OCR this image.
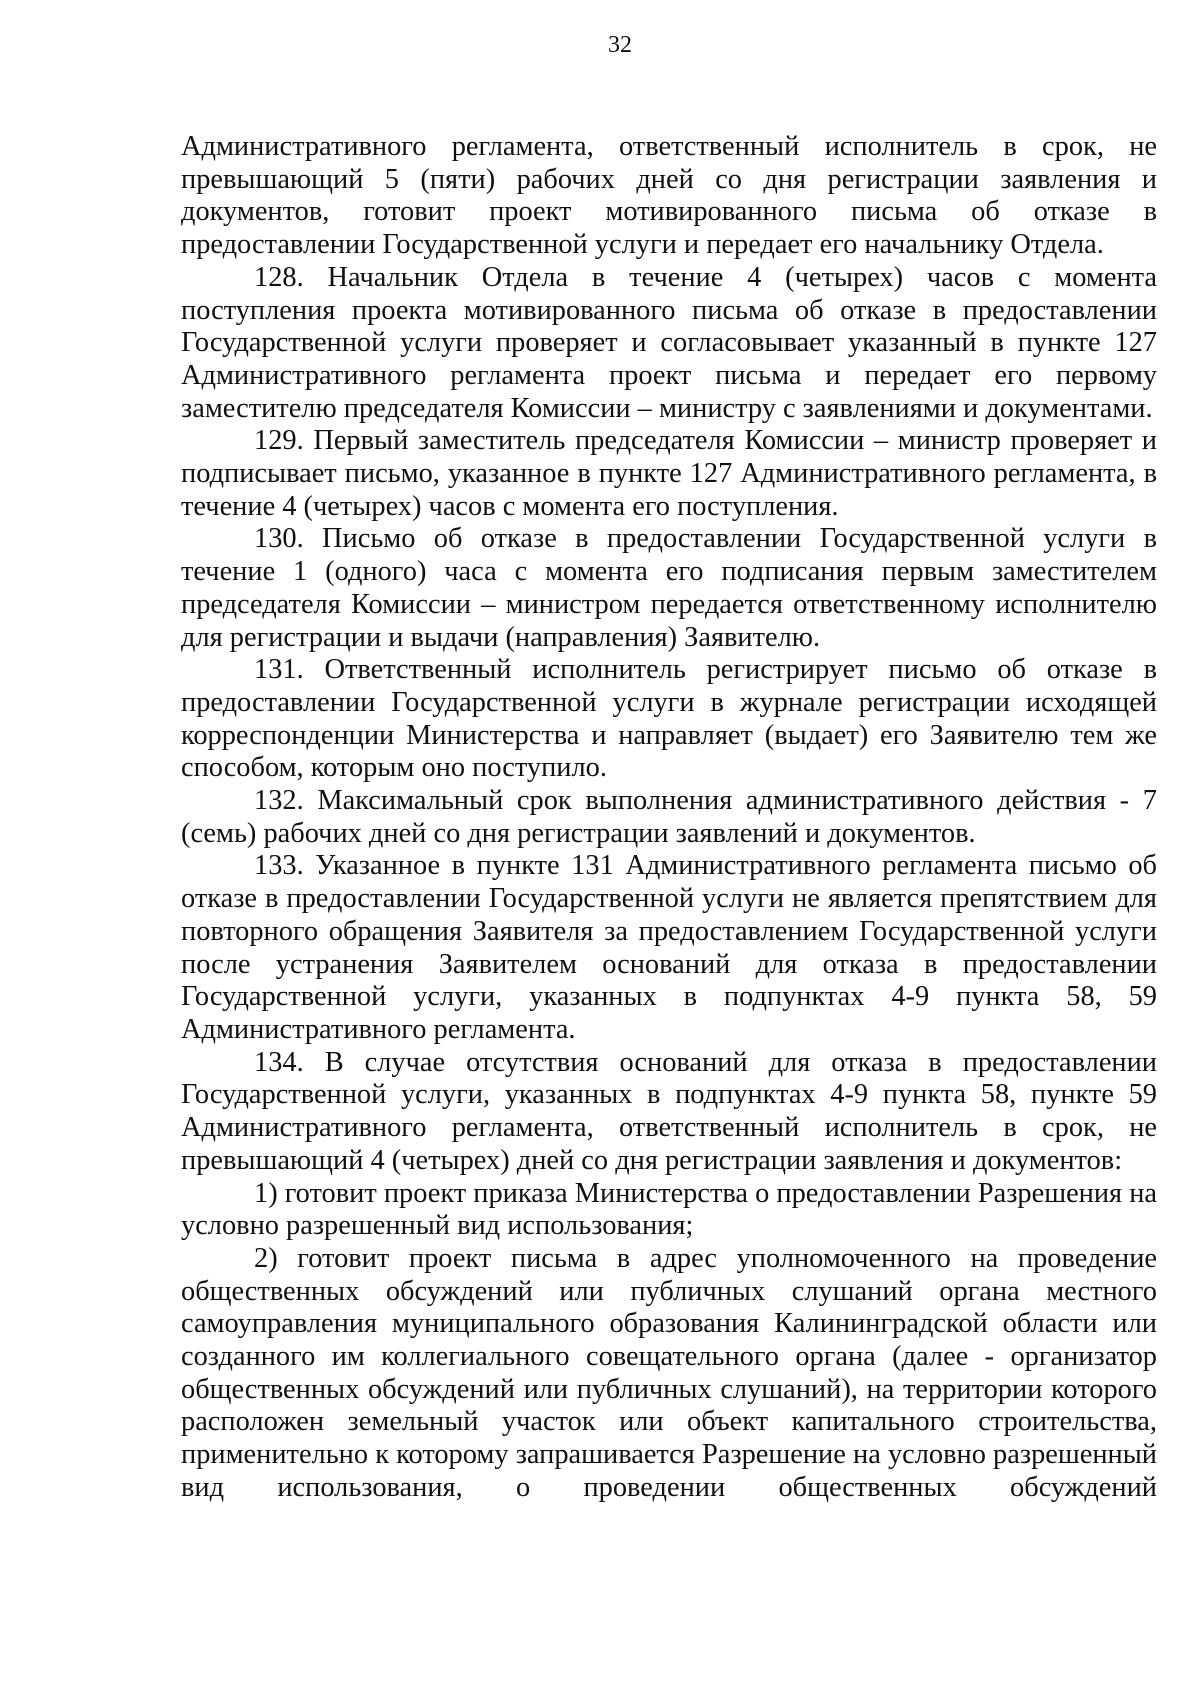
32

Административного регламента, ответственный исполнитель в срок, не превышающий 5 (пяти) рабочих дней со дня регистрации заявления и документов, готовит проект мотивированного письма об отказе в предоставлении Государственной услуги и передает его начальнику Отдела.

128. Начальник Отдела в течение 4 (четырех) часов с момента поступления проекта мотивированного письма об отказе в предоставлении Государственной услуги проверяет и согласовывает указанный в пункте 127 Административного регламента проект письма и передает его первому заместителю председателя Комиссии – министру с заявлениями и документами.

129. Первый заместитель председателя Комиссии – министр проверяет и подписывает письмо, указанное в пункте 127 Административного регламента, в течение 4 (четырех) часов с момента его поступления.

130. Письмо об отказе в предоставлении Государственной услуги в течение 1 (одного) часа с момента его подписания первым заместителем председателя Комиссии – министром передается ответственному исполнителю для регистрации и выдачи (направления) Заявителю.

131. Ответственный исполнитель регистрирует письмо об отказе в предоставлении Государственной услуги в журнале регистрации исходящей корреспонденции Министерства и направляет (выдает) его Заявителю тем же способом, которым оно поступило.

132. Максимальный срок выполнения административного действия - 7 (семь) рабочих дней со дня регистрации заявлений и документов.

133. Указанное в пункте 131 Административного регламента письмо об отказе в предоставлении Государственной услуги не является препятствием для повторного обращения Заявителя за предоставлением Государственной услуги после устранения Заявителем оснований для отказа в предоставлении Государственной услуги, указанных в подпунктах 4-9 пункта 58, 59 Административного регламента.

134. В случае отсутствия оснований для отказа в предоставлении Государственной услуги, указанных в подпунктах 4-9 пункта 58, пункте 59 Административного регламента, ответственный исполнитель в срок, не превышающий 4 (четырех) дней со дня регистрации заявления и документов:

1) готовит проект приказа Министерства о предоставлении Разрешения на условно разрешенный вид использования;

2) готовит проект письма в адрес уполномоченного на проведение общественных обсуждений или публичных слушаний органа местного самоуправления муниципального образования Калининградской области или созданного им коллегиального совещательного органа (далее - организатор общественных обсуждений или публичных слушаний), на территории которого расположен земельный участок или объект капитального строительства, применительно к которому запрашивается Разрешение на условно разрешенный вид использования, о проведении общественных обсуждений
